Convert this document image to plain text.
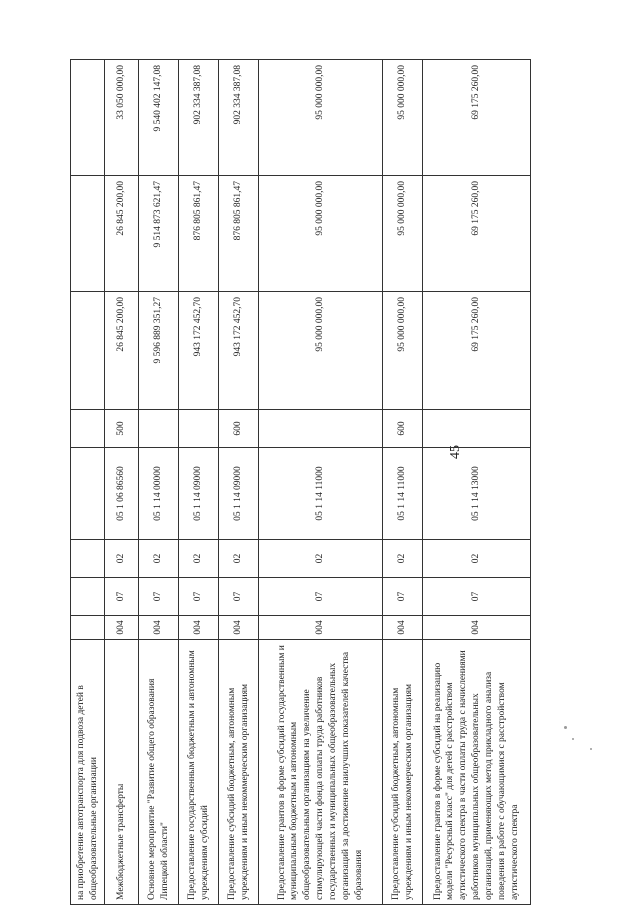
45
на приобретение автотранспорта для подвоза детей в общеобразовательные организации								
Межбюджетные трансферты	004	07	02	05 1 06 86560	500	26 845 200,00	26 845 200,00	33 050 000,00
Основное мероприятие "Развитие общего образования Липецкой области"	004	07	02	05 1 14 00000		9 596 889 351,27	9 514 873 621,47	9 540 402 147,08
Предоставление государственным бюджетным и автономным учреждениям субсидий	004	07	02	05 1 14 09000		943 172 452,70	876 805 861,47	902 334 387,08
Предоставление субсидий бюджетным, автономным учреждениям и иным некоммерческим организациям	004	07	02	05 1 14 09000	600	943 172 452,70	876 805 861,47	902 334 387,08
Предоставление грантов в форме субсидий государственным и муниципальным бюджетным и автономным общеобразовательным организациям на увеличение стимулирующей части фонда оплаты труда работников государственных и муниципальных общеобразовательных организаций за достижение наилучших показателей качества образования	004	07	02	05 1 14 11000		95 000 000,00	95 000 000,00	95 000 000,00
Предоставление субсидий бюджетным, автономным учреждениям и иным некоммерческим организациям	004	07	02	05 1 14 11000	600	95 000 000,00	95 000 000,00	95 000 000,00
Предоставление грантов в форме субсидий на реализацию модели "Ресурсный класс" для детей с расстройством аутистического спектра в части оплаты труда с начислениями работников муниципальных общеобразовательных организаций, применяющих метод прикладного анализа поведения в работе с обучающимися с расстройством аутистического спектра	004	07	02	05 1 14 13000		69 175 260,00	69 175 260,00	69 175 260,00
